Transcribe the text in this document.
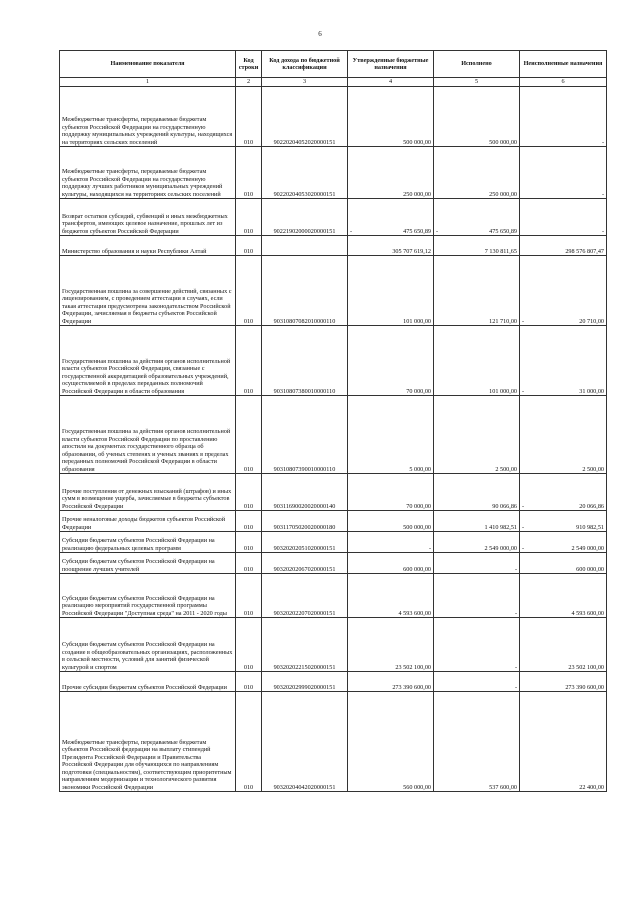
6
Наименование показателя	Код строки	Код дохода по бюджетной классификации	Утвержденные бюджетные назначения	Исполнено	Неисполненные назначения
1	2	3	4	5	6
Межбюджетные трансферты, передаваемые бюджетам субъектов Российской Федерации на государственную поддержку муниципальных учреждений культуры, находящихся на территориях сельских поселений	010	90220204052020000151	500 000,00	500 000,00	-
Межбюджетные трансферты, передаваемые бюджетам субъектов Российской Федерации на государственную поддержку лучших работников муниципальных учреждений культуры, находящихся на территориях сельских поселений	010	90220204053020000151	250 000,00	250 000,00	-
Возврат остатков субсидий, субвенций и иных межбюджетных трансфертов, имеющих целевое назначение, прошлых лет из бюджетов субъектов Российской Федерации	010	90221902000020000151	- 475 650,89	- 475 650,89	-
Министерство образования и науки Республики Алтай	010		305 707 619,12	7 130 811,65	298 576 807,47
Государственная пошлина за совершение действий, связанных с лицензированием, с проведением аттестации в случаях, если такая аттестация предусмотрена законодательством Российской Федерации, зачисляемая в бюджеты субъектов Российской Федерации	010	90310807082010000110	101 000,00	121 710,00	- 20 710,00
Государственная пошлина за действия органов исполнительной власти субъектов Российской Федерации, связанные с государственной аккредитацией образовательных учреждений, осуществляемой в пределах переданных полномочий Российской Федерации в области образования	010	90310807380010000110	70 000,00	101 000,00	- 31 000,00
Государственная пошлина за действия органов исполнительной власти субъектов Российской Федерации по проставлению апостиля на документах государственного образца об образовании, об ученых степенях и ученых званиях в пределах переданных полномочий Российской Федерации в области образования	010	90310807390010000110	5 000,00	2 500,00	2 500,00
Прочие поступления от денежных взысканий (штрафов) и иных сумм в возмещение ущерба, зачисляемые в бюджеты субъектов Российской Федерации	010	90311690020020000140	70 000,00	90 066,86	- 20 066,86
Прочие неналоговые доходы бюджетов субъектов Российской Федерации	010	90311705020020000180	500 000,00	1 410 982,51	- 910 982,51
Субсидии бюджетам субъектов Российской Федерации на реализацию федеральных целевых программ	010	90320202051020000151	-	2 549 000,00	- 2 549 000,00
Субсидии бюджетам субъектов Российской Федерации на поощрение лучших учителей	010	90320202067020000151	600 000,00	-	600 000,00
Субсидии бюджетам субъектов Российской Федерации на реализацию мероприятий государственной программы Российской Федерации "Доступная среда" на 2011 - 2020 годы	010	90320202207020000151	4 593 600,00	-	4 593 600,00
Субсидии бюджетам субъектов Российской Федерации на создание в общеобразовательных организациях, расположенных в сельской местности, условий для занятий физической культурой и спортом	010	90320202215020000151	23 502 100,00	-	23 502 100,00
Прочие субсидии бюджетам субъектов Российской Федерации	010	90320202999020000151	273 390 600,00	-	273 390 600,00
Межбюджетные трансферты, передаваемые бюджетам субъектов Российской федерации на выплату стипендий Президента Российской Федерации и Правительства Российской Федерации для обучающихся по направлениям подготовки (специальностям), соответствующим приоритетным направлениям модернизации и технологического развития экономики Российской Федерации	010	90320204042020000151	560 000,00	537 600,00	22 400,00
